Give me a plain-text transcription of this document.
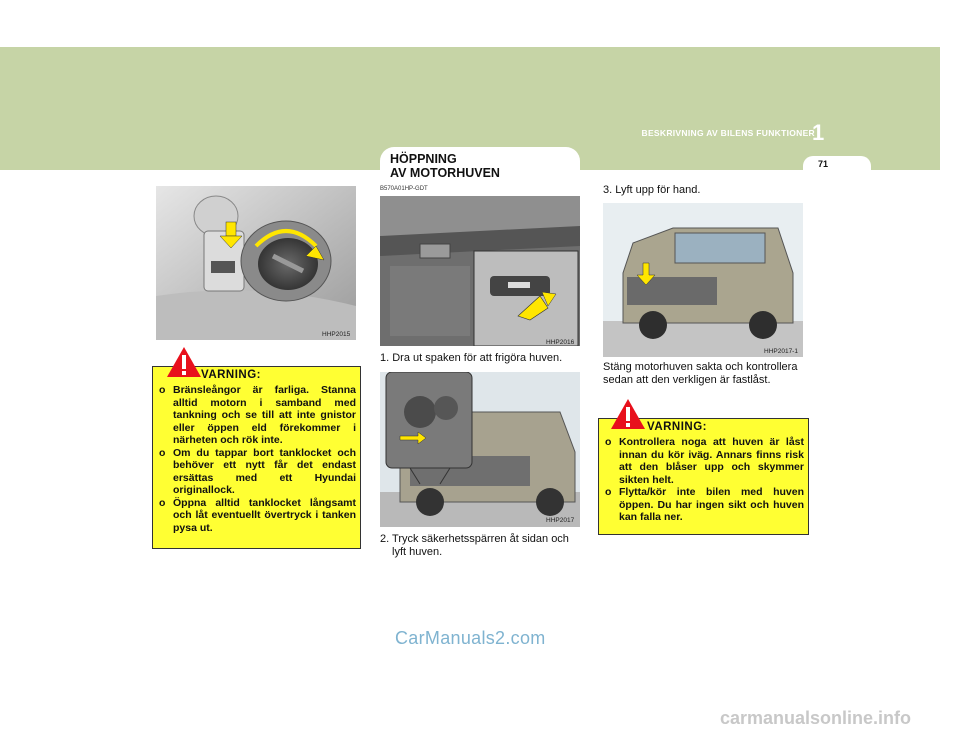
BESKRIVNING AV BILENS FUNKTIONER
1
71
HÖPPNING
AV MOTORHUVEN
B570A01HP-GDT
HHP2015
VARNING:
o Bränsleångor är farliga. Stanna alltid motorn i samband med tankning och se till att inte gnistor eller öppen eld förekommer i närheten och rök inte.
o Om du tappar bort tanklocket och behöver ett nytt får det endast ersättas med ett Hyundai originallock.
o Öppna alltid tanklocket långsamt och låt eventuellt övertryck i tanken pysa ut.
HHP2016
1. Dra ut spaken för att frigöra huven.
HHP2017
2. Tryck säkerhetsspärren åt sidan och
lyft huven.
3. Lyft upp för hand.
HHP2017-1
Stäng motorhuven sakta och kontrollera
sedan att den verkligen är fastlåst.
VARNING:
o Kontrollera noga att huven är låst innan du kör iväg. Annars finns risk att den blåser upp och skymmer sikten helt.
o Flytta/kör inte bilen med huven öppen. Du har ingen sikt och huven kan falla ner.
CarManuals2.com
carmanualsonline.info
